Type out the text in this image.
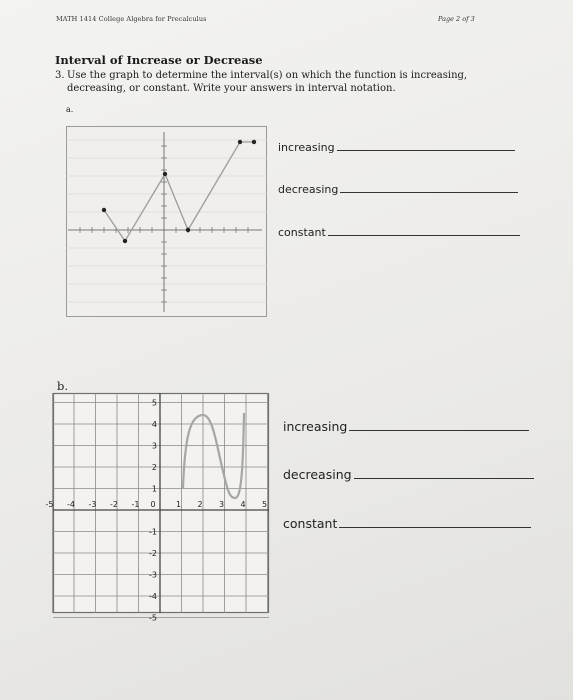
MATH 1414 College Algebra for Precalculus	Page 2 of 3
Interval of Increase or Decrease
3. Use the graph to determine the interval(s) on which the function is increasing, decreasing, or constant. Write your answers in interval notation.
a.
increasing
decreasing
constant
b.
-5 -4 -3 -2 -1 0	1 2 3 4 5
5
4
3
2
1
-1
-2
-3
-4
-5
increasing
decreasing
constant
